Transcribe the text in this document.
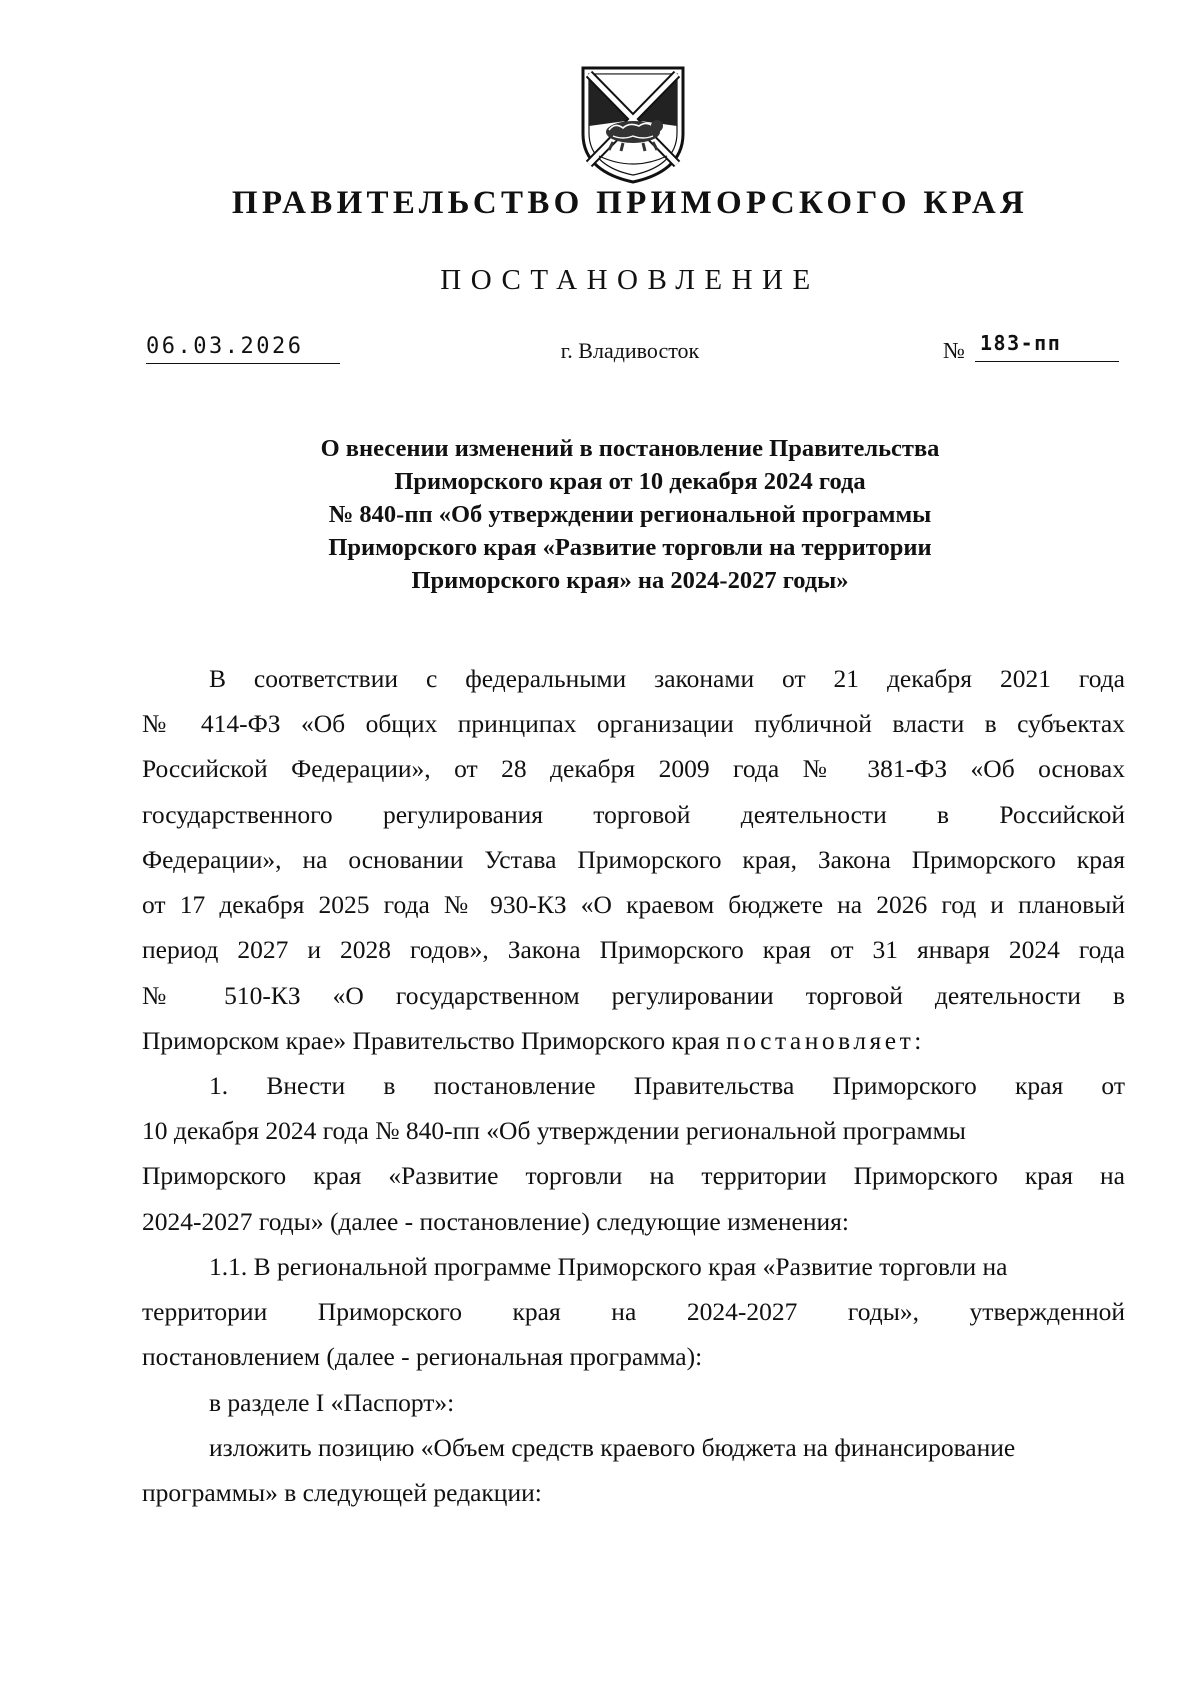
ПРАВИТЕЛЬСТВО ПРИМОРСКОГО КРАЯ
ПОСТАНОВЛЕНИЕ
06.03.2026	г. Владивосток	№ 183-пп
О внесении изменений в постановление Правительства
Приморского края от 10 декабря 2024 года
№ 840-пп «Об утверждении региональной программы
Приморского края «Развитие торговли на территории
Приморского края» на 2024-2027 годы»
В соответствии с федеральными законами от 21 декабря 2021 года
№ 414-ФЗ «Об общих принципах организации публичной власти в субъектах
Российской Федерации», от 28 декабря 2009 года № 381-ФЗ «Об основах
государственного регулирования торговой деятельности в Российской
Федерации», на основании Устава Приморского края, Закона Приморского края
от 17 декабря 2025 года № 930-КЗ «О краевом бюджете на 2026 год и плановый
период 2027 и 2028 годов», Закона Приморского края от 31 января 2024 года
№ 510-КЗ «О государственном регулировании торговой деятельности в
Приморском крае» Правительство Приморского края постановляет:
1. Внести в постановление Правительства Приморского края от
10 декабря 2024 года № 840-пп «Об утверждении региональной программы
Приморского края «Развитие торговли на территории Приморского края на
2024-2027 годы» (далее - постановление) следующие изменения:
1.1. В региональной программе Приморского края «Развитие торговли на
территории Приморского края на 2024-2027 годы», утвержденной
постановлением (далее - региональная программа):
в разделе I «Паспорт»:
изложить позицию «Объем средств краевого бюджета на финансирование
программы» в следующей редакции:
